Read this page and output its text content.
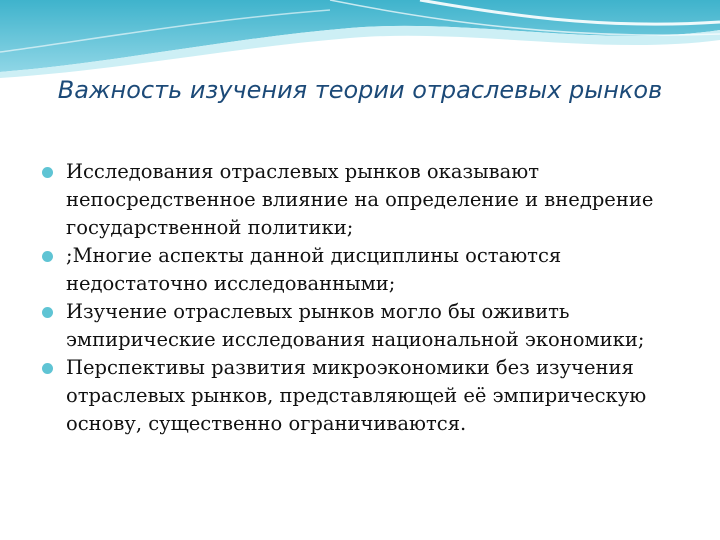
Важность изучения теории отраслевых рынков
Исследования отраслевых рынков оказывают непосредственное влияние на определение и внедрение государственной политики;
;Многие аспекты данной дисциплины остаются недостаточно исследованными;
Изучение отраслевых рынков могло бы оживить эмпирические исследования национальной экономики;
Перспективы развития микроэкономики без изучения отраслевых рынков, представляющей её эмпирическую основу, существенно ограничиваются.
